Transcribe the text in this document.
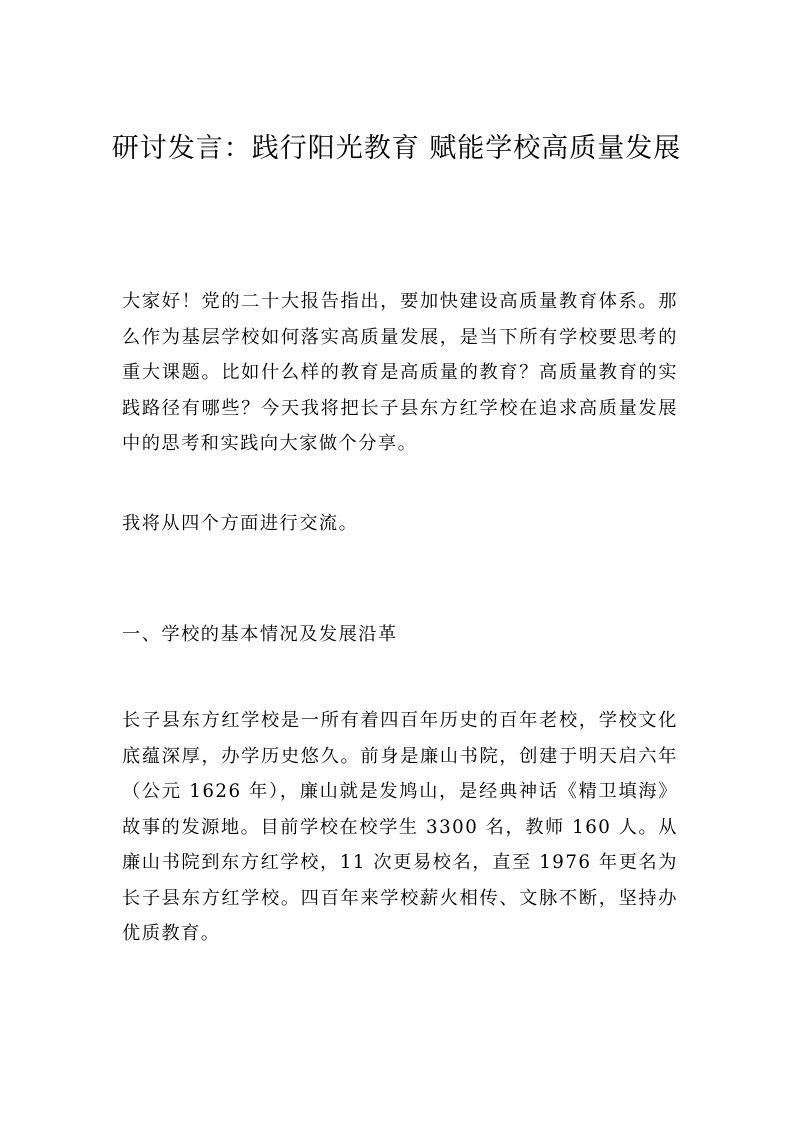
研讨发言：践行阳光教育 赋能学校高质量发展

大家好！党的二十大报告指出，要加快建设高质量教育体系。那么作为基层学校如何落实高质量发展，是当下所有学校要思考的重大课题。比如什么样的教育是高质量的教育？高质量教育的实践路径有哪些？今天我将把长子县东方红学校在追求高质量发展中的思考和实践向大家做个分享。

我将从四个方面进行交流。

一、学校的基本情况及发展沿革

长子县东方红学校是一所有着四百年历史的百年老校，学校文化底蕴深厚，办学历史悠久。前身是廉山书院，创建于明天启六年（公元 1626 年），廉山就是发鸠山，是经典神话《精卫填海》故事的发源地。目前学校在校学生 3300 名，教师 160 人。从廉山书院到东方红学校，11 次更易校名，直至 1976 年更名为长子县东方红学校。四百年来学校薪火相传、文脉不断，坚持办优质教育。
